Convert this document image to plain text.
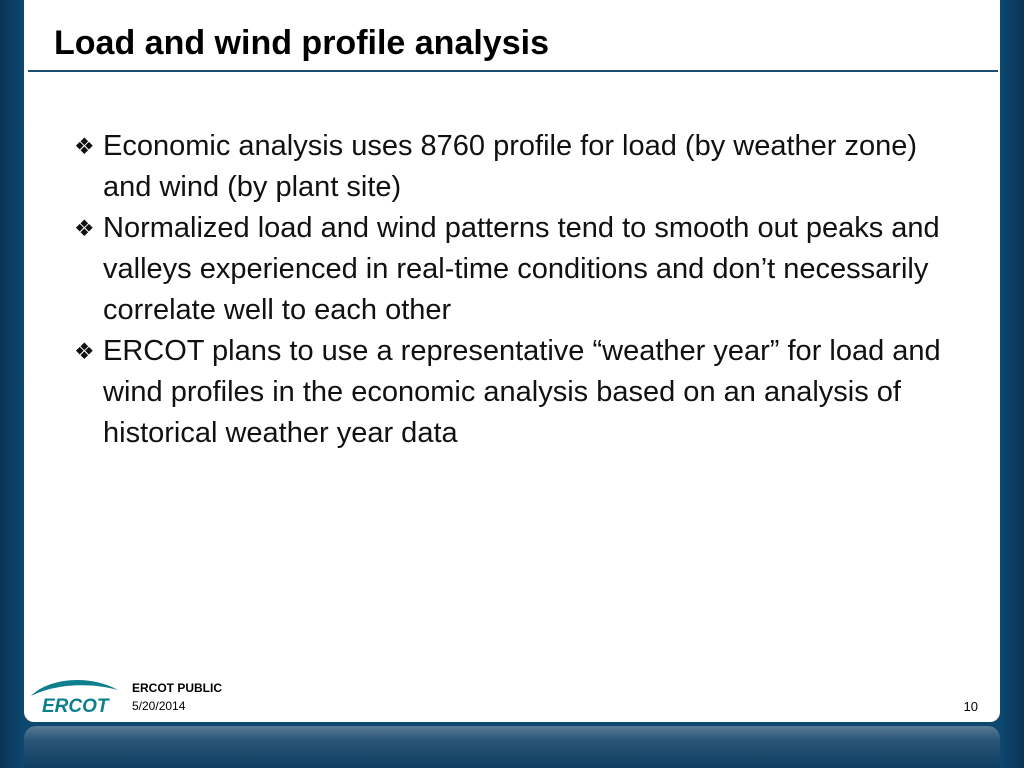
Load and wind profile analysis
❖ Economic analysis uses 8760 profile for load (by weather zone) and wind (by plant site)
❖ Normalized load and wind patterns tend to smooth out peaks and valleys experienced in real-time conditions and don’t necessarily correlate well to each other
❖ ERCOT plans to use a representative “weather year” for load and wind profiles in the economic analysis based on an analysis of historical weather year data
ERCOT
ERCOT PUBLIC
5/20/2014	10
